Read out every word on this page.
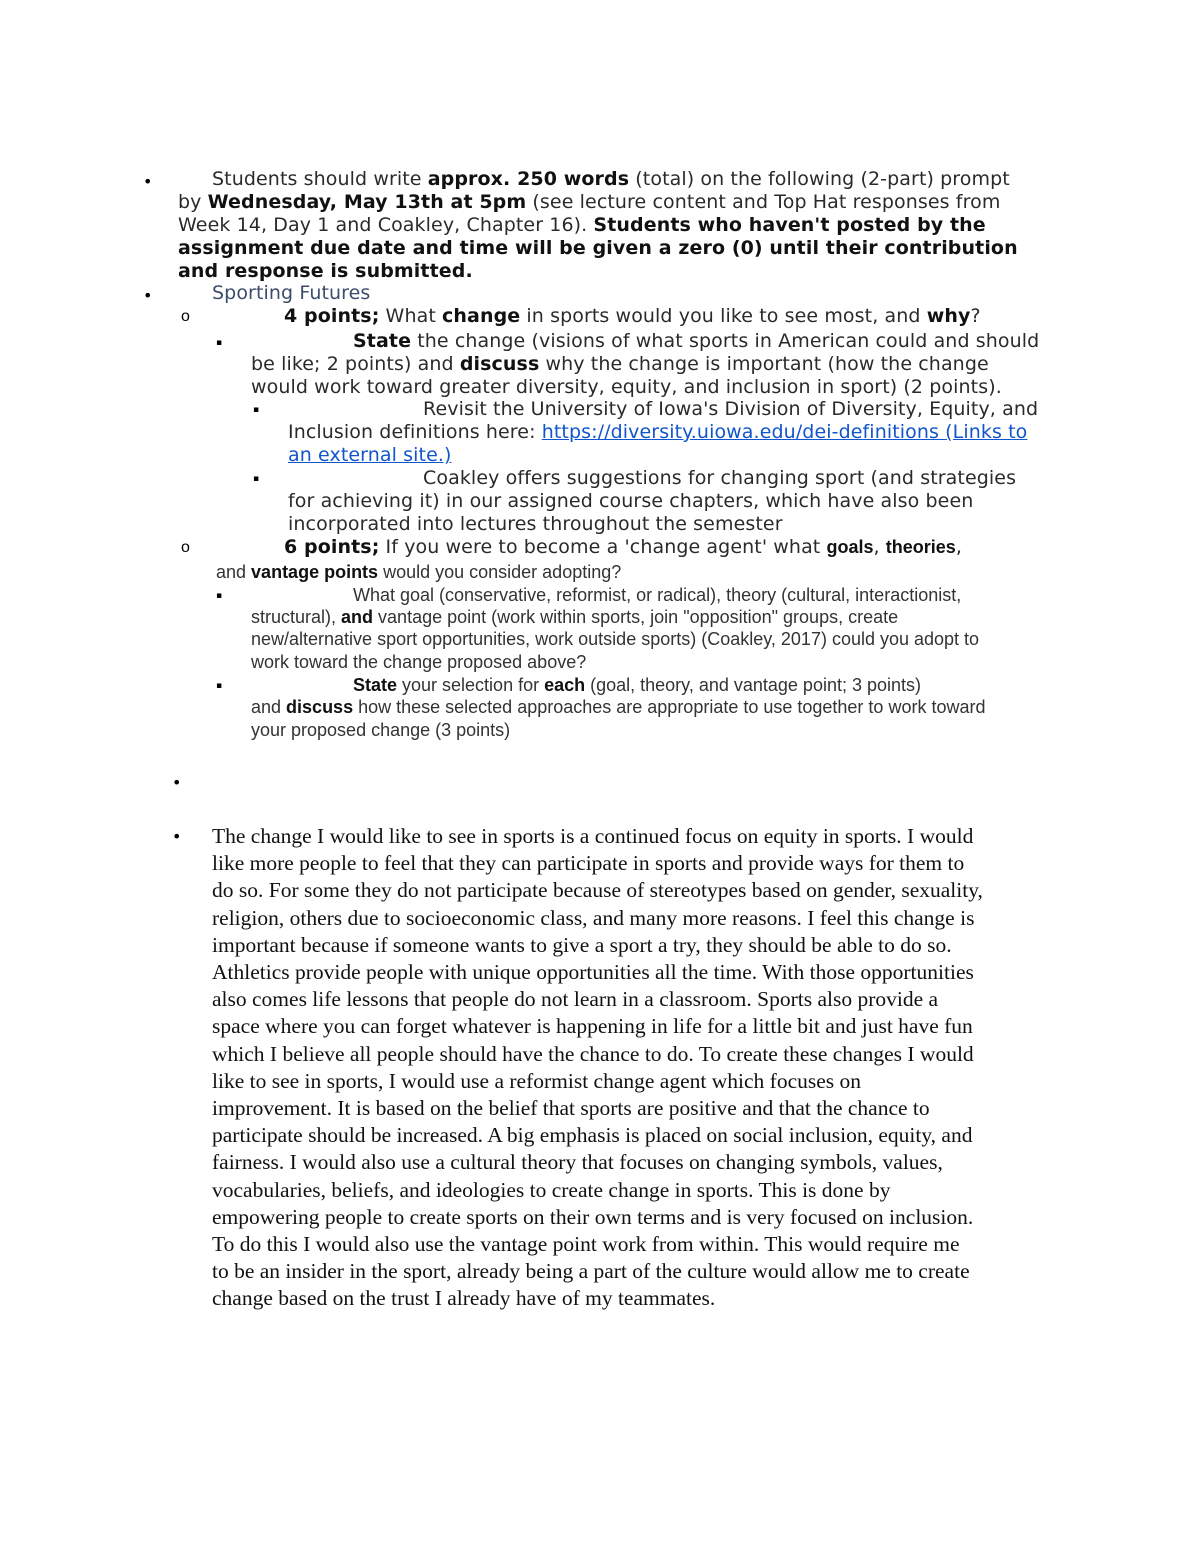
•	Students should write approx. 250 words (total) on the following (2-part) prompt
by Wednesday, May 13th at 5pm (see lecture content and Top Hat responses from
Week 14, Day 1 and Coakley, Chapter 16). Students who haven't posted by the
assignment due date and time will be given a zero (0) until their contribution
and response is submitted.
•	Sporting Futures
o	4 points; What change in sports would you like to see most, and why?
▪	State the change (visions of what sports in American could and should
be like; 2 points) and discuss why the change is important (how the change
would work toward greater diversity, equity, and inclusion in sport) (2 points).
▪	Revisit the University of Iowa's Division of Diversity, Equity, and
Inclusion definitions here: https://diversity.uiowa.edu/dei-definitions (Links to
an external site.)
▪	Coakley offers suggestions for changing sport (and strategies
for achieving it) in our assigned course chapters, which have also been
incorporated into lectures throughout the semester
o	6 points; If you were to become a 'change agent' what goals, theories,
and vantage points would you consider adopting?
▪	What goal (conservative, reformist, or radical), theory (cultural, interactionist,
structural), and vantage point (work within sports, join "opposition" groups, create
new/alternative sport opportunities, work outside sports) (Coakley, 2017) could you adopt to
work toward the change proposed above?
▪	State your selection for each (goal, theory, and vantage point; 3 points)
and discuss how these selected approaches are appropriate to use together to work toward
your proposed change (3 points)
•
• The change I would like to see in sports is a continued focus on equity in sports. I would
like more people to feel that they can participate in sports and provide ways for them to
do so. For some they do not participate because of stereotypes based on gender, sexuality,
religion, others due to socioeconomic class, and many more reasons. I feel this change is
important because if someone wants to give a sport a try, they should be able to do so.
Athletics provide people with unique opportunities all the time. With those opportunities
also comes life lessons that people do not learn in a classroom. Sports also provide a
space where you can forget whatever is happening in life for a little bit and just have fun
which I believe all people should have the chance to do. To create these changes I would
like to see in sports, I would use a reformist change agent which focuses on
improvement. It is based on the belief that sports are positive and that the chance to
participate should be increased. A big emphasis is placed on social inclusion, equity, and
fairness. I would also use a cultural theory that focuses on changing symbols, values,
vocabularies, beliefs, and ideologies to create change in sports. This is done by
empowering people to create sports on their own terms and is very focused on inclusion.
To do this I would also use the vantage point work from within. This would require me
to be an insider in the sport, already being a part of the culture would allow me to create
change based on the trust I already have of my teammates.
